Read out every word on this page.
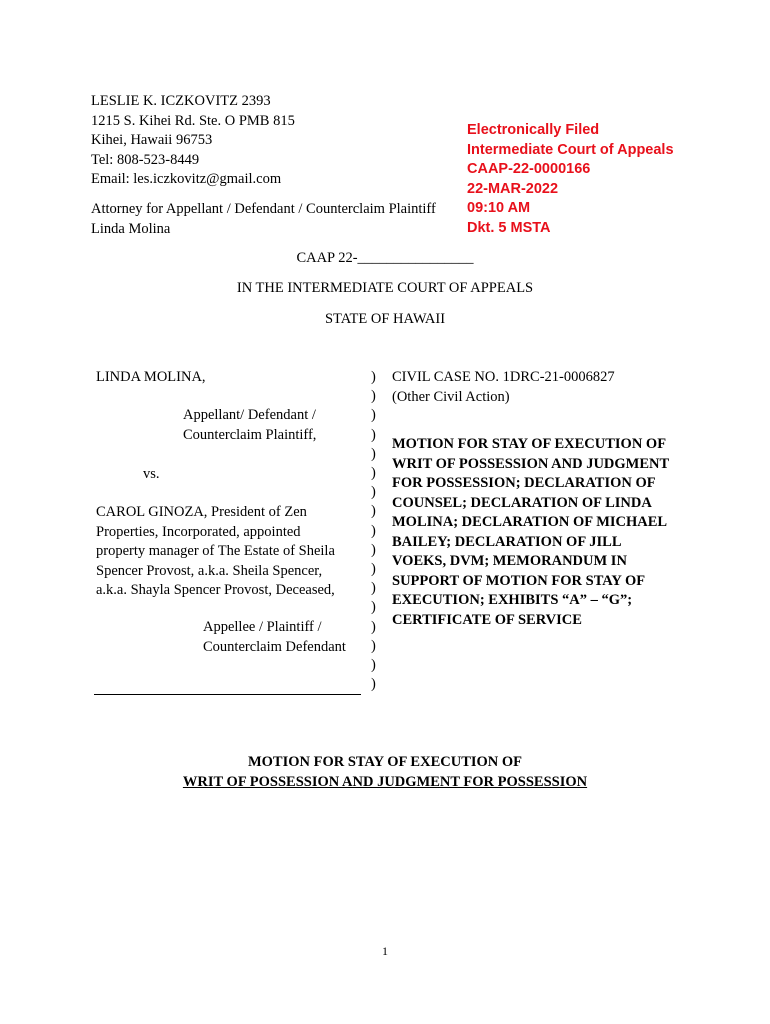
LESLIE K. ICZKOVITZ 2393
1215 S. Kihei Rd. Ste. O PMB 815
Kihei, Hawaii 96753
Tel: 808-523-8449
Email: les.iczkovitz@gmail.com
Attorney for Appellant / Defendant / Counterclaim Plaintiff
Linda Molina
Electronically Filed
Intermediate Court of Appeals
CAAP-22-0000166
22-MAR-2022
09:10 AM
Dkt. 5 MSTA
CAAP 22-________________
IN THE INTERMEDIATE COURT OF APPEALS
STATE OF HAWAII
LINDA MOLINA,
Appellant/ Defendant /
Counterclaim Plaintiff,
vs.
CAROL GINOZA, President of Zen
Properties, Incorporated, appointed
property manager of The Estate of Sheila
Spencer Provost, a.k.a. Sheila Spencer,
a.k.a. Shayla Spencer Provost, Deceased,
Appellee / Plaintiff /
Counterclaim Defendant
)
)
)
)
)
)
)
)
)
)
)
)
)
)
)
)
)
CIVIL CASE NO. 1DRC-21-0006827
(Other Civil Action)
MOTION FOR STAY OF EXECUTION OF
WRIT OF POSSESSION AND JUDGMENT
FOR POSSESSION; DECLARATION OF
COUNSEL; DECLARATION OF LINDA
MOLINA; DECLARATION OF MICHAEL
BAILEY; DECLARATION OF JILL
VOEKS, DVM; MEMORANDUM IN
SUPPORT OF MOTION FOR STAY OF
EXECUTION; EXHIBITS “A” – “G”;
CERTIFICATE OF SERVICE
MOTION FOR STAY OF EXECUTION OF
WRIT OF POSSESSION AND JUDGMENT FOR POSSESSION
1
